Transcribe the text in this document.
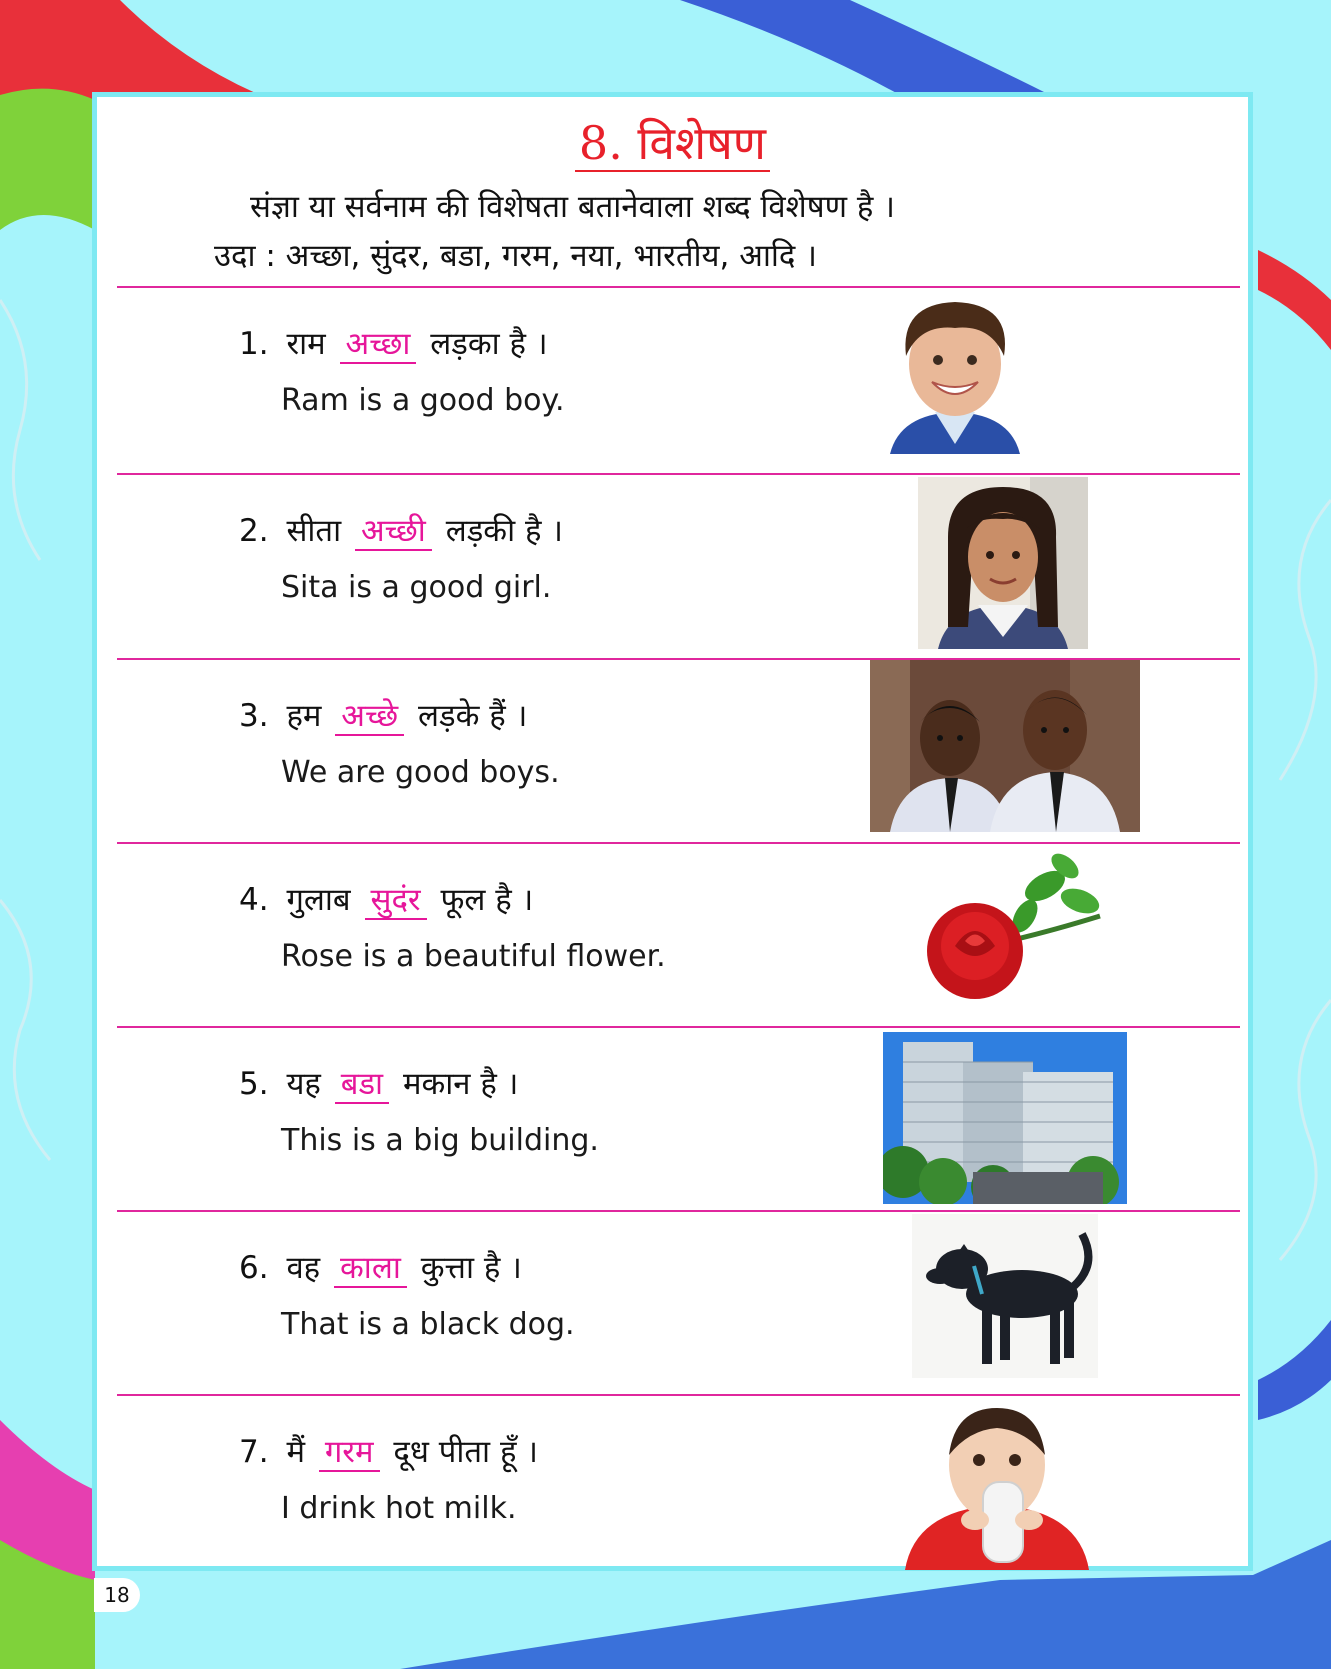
8. विशेषण
संज्ञा या सर्वनाम की विशेषता बतानेवाला शब्द विशेषण है ।
उदा : अच्छा, सुंदर, बडा, गरम, नया, भारतीय, आदि ।
1. राम अच्छा लड़का है ।
Ram is a good boy.
2. सीता अच्छी लड़की है ।
Sita is a good girl.
3. हम अच्छे लड़के हैं ।
We are good boys.
4. गुलाब सुदंर फूल है ।
Rose is a beautiful flower.
5. यह बडा मकान है ।
This is a big building.
6. वह काला कुत्ता है ।
That is a black dog.
7. मैं गरम दूध पीता हूँ ।
I drink hot milk.
18
